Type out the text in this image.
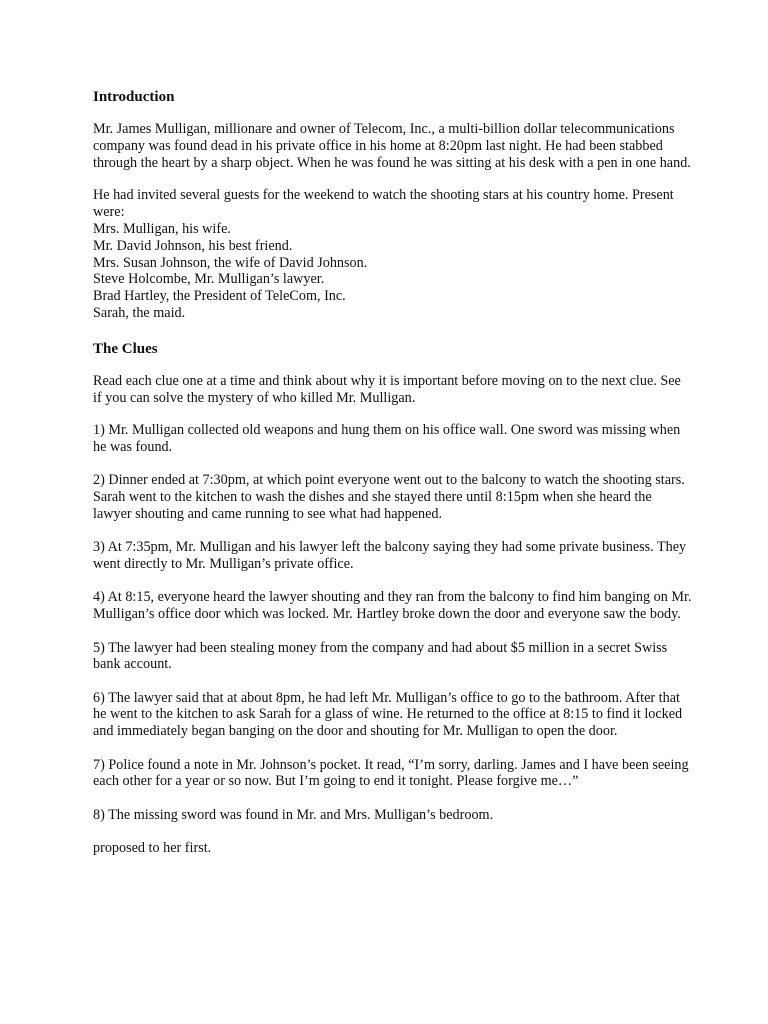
Introduction

Mr. James Mulligan, millionare and owner of Telecom, Inc., a multi-billion dollar telecommunications company was found dead in his private office in his home at 8:20pm last night. He had been stabbed through the heart by a sharp object. When he was found he was sitting at his desk with a pen in one hand.

He had invited several guests for the weekend to watch the shooting stars at his country home. Present were:

Mrs. Mulligan, his wife.
Mr. David Johnson, his best friend.
Mrs. Susan Johnson, the wife of David Johnson.
Steve Holcombe, Mr. Mulligan’s lawyer.
Brad Hartley, the President of TeleCom, Inc.
Sarah, the maid.
The Clues

Read each clue one at a time and think about why it is important before moving on to the next clue. See if you can solve the mystery of who killed Mr. Mulligan.

1) Mr. Mulligan collected old weapons and hung them on his office wall. One sword was missing when he was found.

2) Dinner ended at 7:30pm, at which point everyone went out to the balcony to watch the shooting stars. Sarah went to the kitchen to wash the dishes and she stayed there until 8:15pm when she heard the lawyer shouting and came running to see what had happened.

3) At 7:35pm, Mr. Mulligan and his lawyer left the balcony saying they had some private business. They went directly to Mr. Mulligan’s private office.

4) At 8:15, everyone heard the lawyer shouting and they ran from the balcony to find him banging on Mr. Mulligan’s office door which was locked. Mr. Hartley broke down the door and everyone saw the body.

5) The lawyer had been stealing money from the company and had about $5 million in a secret Swiss bank account.

6) The lawyer said that at about 8pm, he had left Mr. Mulligan’s office to go to the bathroom. After that he went to the kitchen to ask Sarah for a glass of wine. He returned to the office at 8:15 to find it locked and immediately began banging on the door and shouting for Mr. Mulligan to open the door.

7) Police found a note in Mr. Johnson’s pocket. It read, “I’m sorry, darling. James and I have been seeing each other for a year or so now. But I’m going to end it tonight. Please forgive me…”

8) The missing sword was found in Mr. and Mrs. Mulligan’s bedroom.

proposed to her first.
